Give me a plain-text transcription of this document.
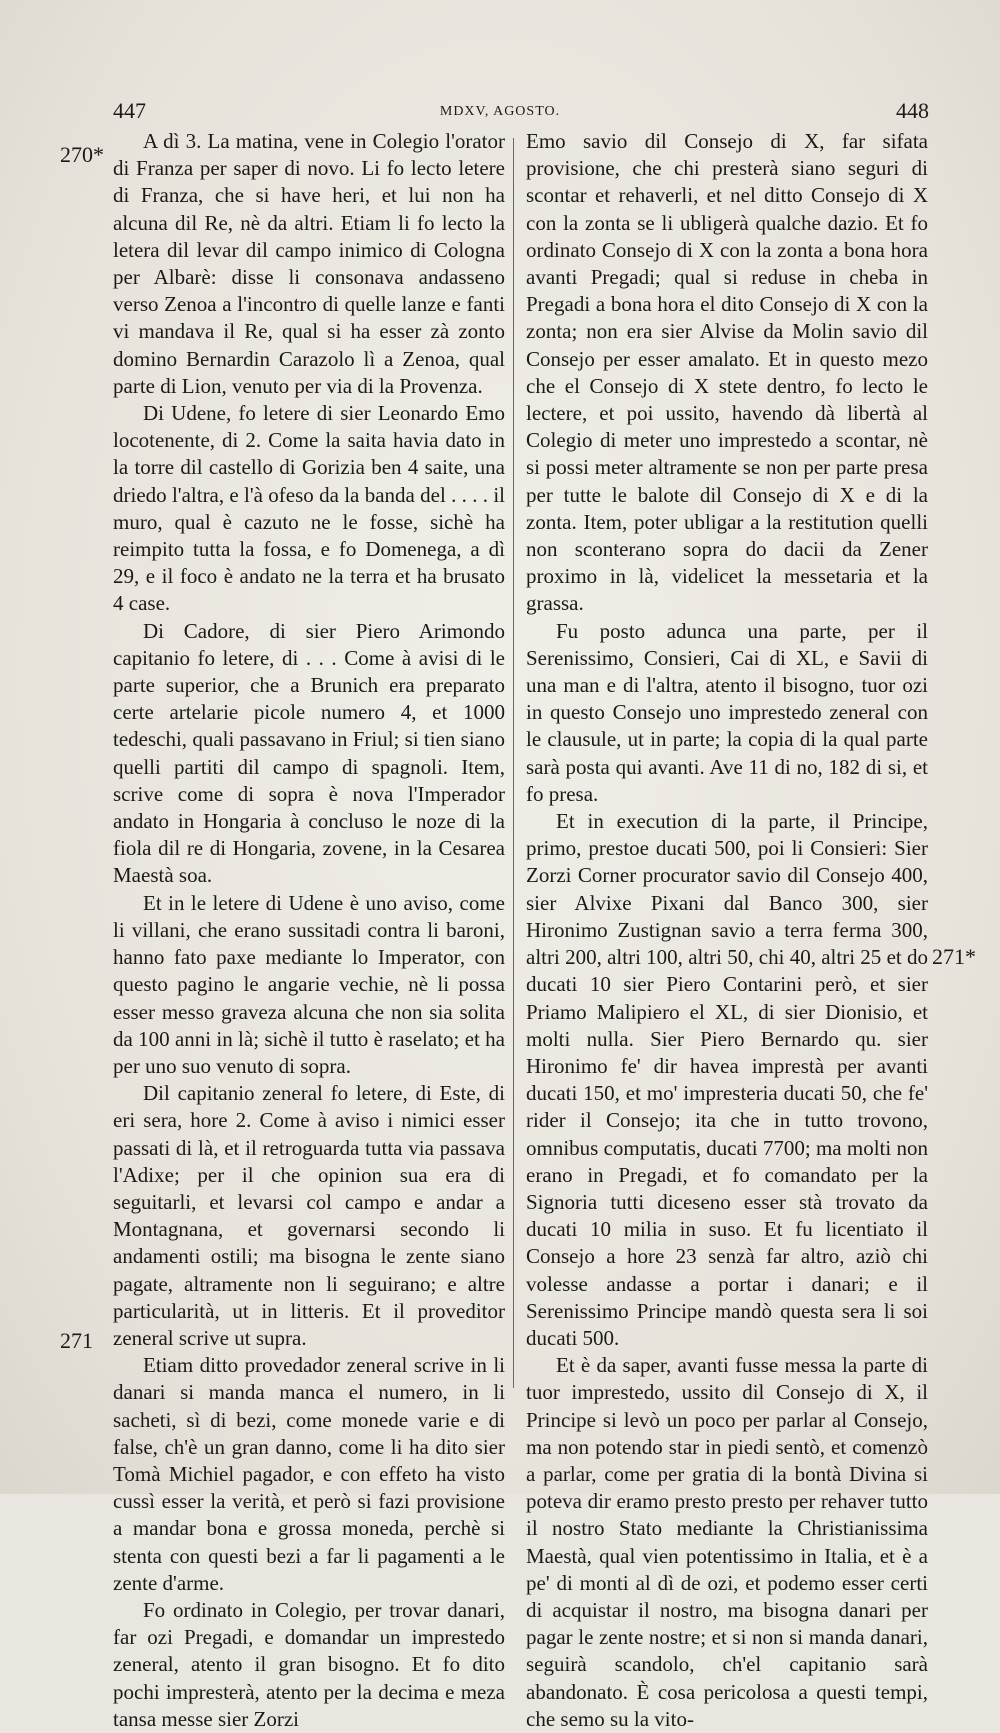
447	MDXV, AGOSTO.	448
270*
271
271*

A dì 3. La matina, vene in Colegio l'orator di Franza per saper di novo. Li fo lecto letere di Franza, che si have heri, et lui non ha alcuna dil Re, nè da altri. Etiam li fo lecto la letera dil levar dil campo inimico di Cologna per Albarè: disse li consonava andasseno verso Zenoa a l'incontro di quelle lanze e fanti vi mandava il Re, qual si ha esser zà zonto domino Bernardin Carazolo lì a Zenoa, qual parte di Lion, venuto per via di la Provenza.

Di Udene, fo letere di sier Leonardo Emo locotenente, di 2. Come la saita havia dato in la torre dil castello di Gorizia ben 4 saite, una driedo l'altra, e l'à ofeso da la banda del . . . . il muro, qual è cazuto ne le fosse, sichè ha reimpito tutta la fossa, e fo Domenega, a dì 29, e il foco è andato ne la terra et ha brusato 4 case.

Di Cadore, di sier Piero Arimondo capitanio fo letere, di . . . Come à avisi di le parte superior, che a Brunich era preparato certe artelarie picole numero 4, et 1000 tedeschi, quali passavano in Friul; si tien siano quelli partiti dil campo di spagnoli. Item, scrive come di sopra è nova l'Imperador andato in Hongaria à concluso le noze di la fiola dil re di Hongaria, zovene, in la Cesarea Maestà soa.

Et in le letere di Udene è uno aviso, come li villani, che erano sussitadi contra li baroni, hanno fato paxe mediante lo Imperator, con questo pagino le angarie vechie, nè li possa esser messo graveza alcuna che non sia solita da 100 anni in là; sichè il tutto è raselato; et ha per uno suo venuto di sopra.

Dil capitanio zeneral fo letere, di Este, di eri sera, hore 2. Come à aviso i nimici esser passati di là, et il retroguarda tutta via passava l'Adixe; per il che opinion sua era di seguitarli, et levarsi col campo e andar a Montagnana, et governarsi secondo li andamenti ostili; ma bisogna le zente siano pagate, altramente non li seguirano; e altre particularità, ut in litteris. Et il proveditor zeneral scrive ut supra.

Etiam ditto provedador zeneral scrive in li danari si manda manca el numero, in li sacheti, sì di bezi, come monede varie e di false, ch'è un gran danno, come li ha dito sier Tomà Michiel pagador, e con effeto ha visto cussì esser la verità, et però si fazi provisione a mandar bona e grossa moneda, perchè si stenta con questi bezi a far li pagamenti a le zente d'arme.

Fo ordinato in Colegio, per trovar danari, far ozi Pregadi, e domandar un imprestedo zeneral, atento il gran bisogno. Et fo dito pochi impresterà, atento per la decima e meza tansa messe sier Zorzi

Emo savio dil Consejo di X, far sifata provisione, che chi presterà siano seguri di scontar et rehaverli, et nel ditto Consejo di X con la zonta se li ubligerà qualche dazio. Et fo ordinato Consejo di X con la zonta a bona hora avanti Pregadi; qual si reduse in cheba in Pregadi a bona hora el dito Consejo di X con la zonta; non era sier Alvise da Molin savio dil Consejo per esser amalato. Et in questo mezo che el Consejo di X stete dentro, fo lecto le lectere, et poi ussito, havendo dà libertà al Colegio di meter uno imprestedo a scontar, nè si possi meter altramente se non per parte presa per tutte le balote dil Consejo di X e di la zonta. Item, poter ubligar a la restitution quelli non sconterano sopra do dacii da Zener proximo in là, videlicet la messetaria et la grassa.

Fu posto adunca una parte, per il Serenissimo, Consieri, Cai di XL, e Savii di una man e di l'altra, atento il bisogno, tuor ozi in questo Consejo uno imprestedo zeneral con le clausule, ut in parte; la copia di la qual parte sarà posta qui avanti. Ave 11 di no, 182 di si, et fo presa.

Et in execution di la parte, il Principe, primo, prestoe ducati 500, poi li Consieri: Sier Zorzi Corner procurator savio dil Consejo 400, sier Alvixe Pixani dal Banco 300, sier Hironimo Zustignan savio a terra ferma 300, altri 200, altri 100, altri 50, chi 40, altri 25 et do ducati 10 sier Piero Contarini però, et sier Priamo Malipiero el XL, di sier Dionisio, et molti nulla. Sier Piero Bernardo qu. sier Hironimo fe' dir havea imprestà per avanti ducati 150, et mo' impresteria ducati 50, che fe' rider il Consejo; ita che in tutto trovono, omnibus computatis, ducati 7700; ma molti non erano in Pregadi, et fo comandato per la Signoria tutti diceseno esser stà trovato da ducati 10 milia in suso. Et fu licentiato il Consejo a hore 23 senzà far altro, aziò chi volesse andasse a portar i danari; e il Serenissimo Principe mandò questa sera li soi ducati 500.

Et è da saper, avanti fusse messa la parte di tuor imprestedo, ussito dil Consejo di X, il Principe si levò un poco per parlar al Consejo, ma non potendo star in piedi sentò, et comenzò a parlar, come per gratia di la bontà Divina si poteva dir eramo presto presto per rehaver tutto il nostro Stato mediante la Christianissima Maestà, qual vien potentissimo in Italia, et è a pe' di monti al dì de ozi, et podemo esser certi di acquistar il nostro, ma bisogna danari per pagar le zente nostre; et si non si manda danari, seguirà scandolo, ch'el capitanio sarà abandonato. È cosa pericolosa a questi tempi, che semo su la vito-
